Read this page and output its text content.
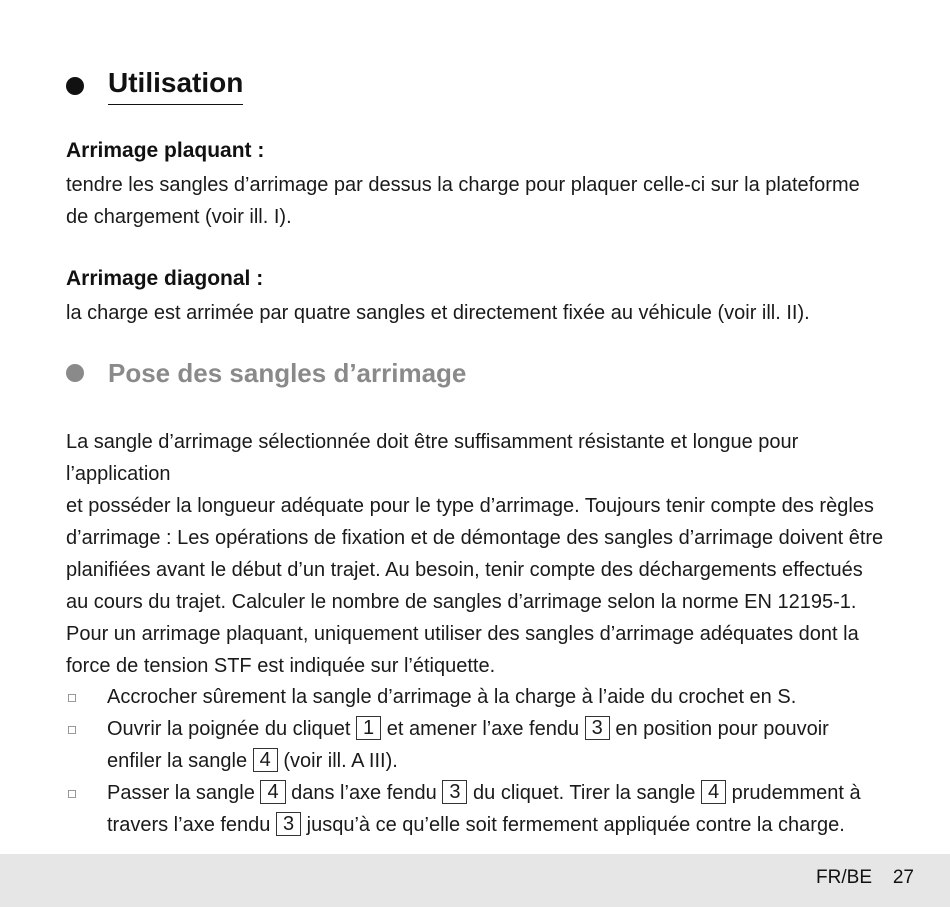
Utilisation
Arrimage plaquant :
tendre les sangles d’arrimage par dessus la charge pour plaquer celle-ci sur la plateforme
de chargement (voir ill. I).
Arrimage diagonal :
la charge est arrimée par quatre sangles et directement fixée au véhicule (voir ill. II).
Pose des sangles d’arrimage
La sangle d’arrimage sélectionnée doit être suffisamment résistante et longue pour l’application
et posséder la longueur adéquate pour le type d’arrimage. Toujours tenir compte des règles
d’arrimage : Les opérations de fixation et de démontage des sangles d’arrimage doivent être
planifiées avant le début d’un trajet. Au besoin, tenir compte des déchargements effectués
au cours du trajet. Calculer le nombre de sangles d’arrimage selon la norme EN 12195-1.
Pour un arrimage plaquant, uniquement utiliser des sangles d’arrimage adéquates dont la
force de tension STF est indiquée sur l’étiquette.
Accrocher sûrement la sangle d’arrimage à la charge à l’aide du crochet en S.
Ouvrir la poignée du cliquet 1 et amener l’axe fendu 3 en position pour pouvoir
enfiler la sangle 4 (voir ill. A III).
Passer la sangle 4 dans l’axe fendu 3 du cliquet. Tirer la sangle 4 prudemment à
travers l’axe fendu 3 jusqu’à ce qu’elle soit fermement appliquée contre la charge.
FR/BE 27
